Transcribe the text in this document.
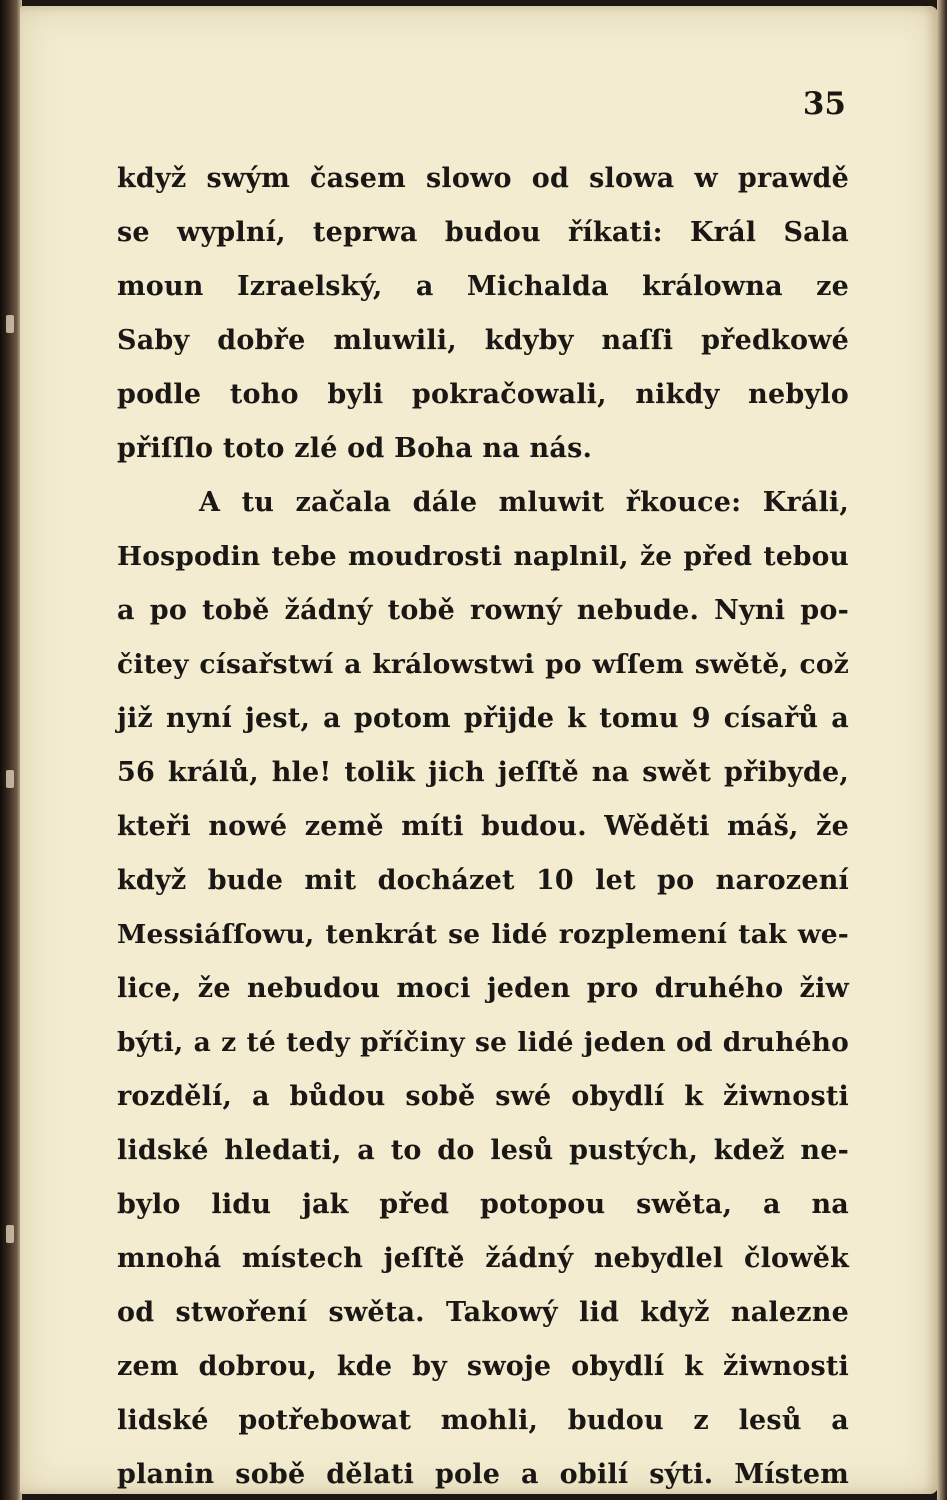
35
když swým časem slowo od slowa w prawdě
se wyplní, teprwa budou říkati: Král Sala
moun Izraelský, a Michalda králowna ze
Saby dobře mluwili, kdyby naſſi předkowé
podle toho byli pokračowali, nikdy nebylo
přiſſlo toto zlé od Boha na nás.
A tu začala dále mluwit řkouce: Králi,
Hospodin tebe moudrosti naplnil, že před tebou
a po tobě žádný tobě rowný nebude. Nyni po-
čitey císařstwí a králowstwi po wſſem swětě, což
již nyní jest, a potom přijde k tomu 9 císařů a
56 králů, hle! tolik jich jeſſtě na swět přibyde,
kteři nowé země míti budou. Wěděti máš, že
když bude mit docházet 10 let po narození
Messiáſſowu, tenkrát se lidé rozplemení tak we-
lice, že nebudou moci jeden pro druhého žiw
býti, a z té tedy příčiny se lidé jeden od druhého
rozdělí, a bůdou sobě swé obydlí k žiwnosti
lidské hledati, a to do lesů pustých, kdež ne-
bylo lidu jak před potopou swěta, a na
mnohá místech jeſſtě žádný nebydlel člowěk
od stwoření swěta. Takowý lid když nalezne
zem dobrou, kde by swoje obydlí k žiwnosti
lidské potřebowat mohli, budou z lesů a
planin sobě dělati pole a obilí sýti. Místem
